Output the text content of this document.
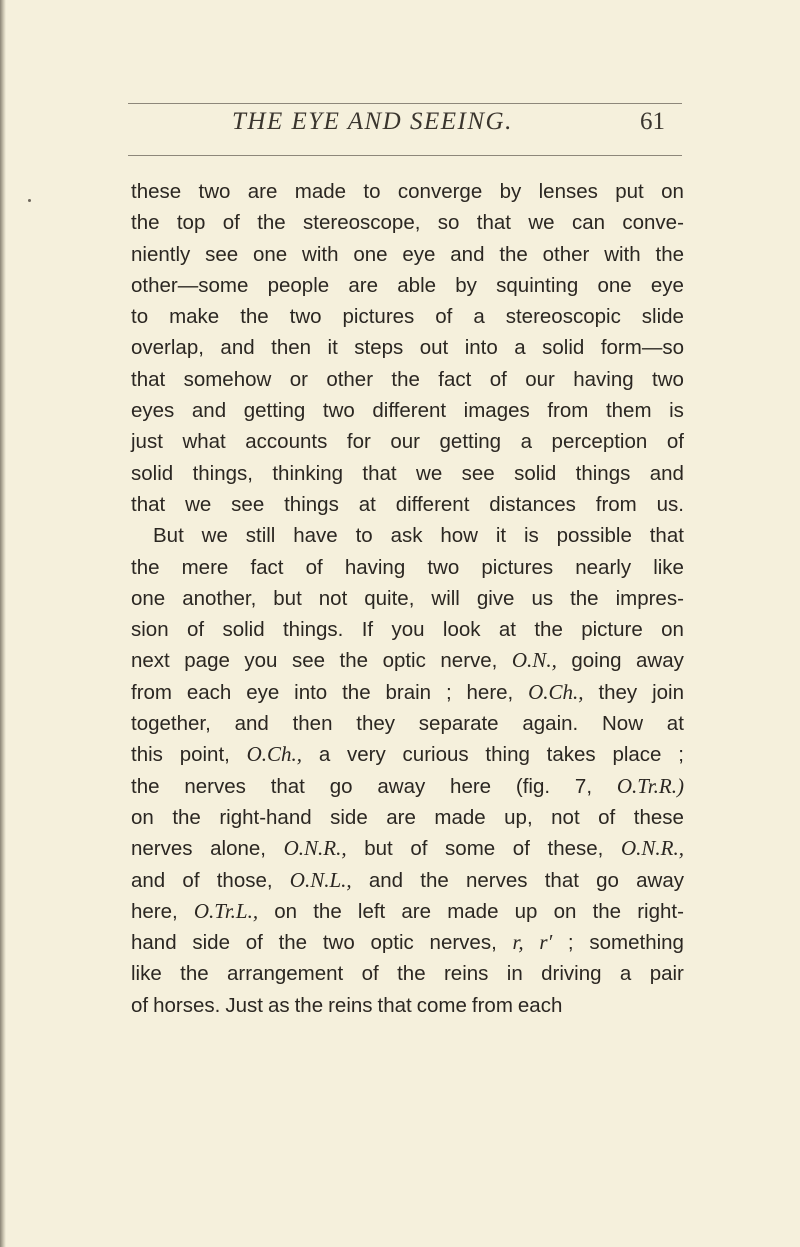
THE EYE AND SEEING.	61
these two are made to converge by lenses put on
the top of the stereoscope, so that we can conve-
niently see one with one eye and the other with the
other—some people are able by squinting one eye
to make the two pictures of a stereoscopic slide
overlap, and then it steps out into a solid form—so
that somehow or other the fact of our having two
eyes and getting two different images from them is
just what accounts for our getting a perception of
solid things, thinking that we see solid things and
that we see things at different distances from us.
But we still have to ask how it is possible that
the mere fact of having two pictures nearly like
one another, but not quite, will give us the impres-
sion of solid things. If you look at the picture on
next page you see the optic nerve, O.N., going away
from each eye into the brain ; here, O.Ch., they join
together, and then they separate again. Now at
this point, O.Ch., a very curious thing takes place ;
the nerves that go away here (fig. 7, O.Tr.R.)
on the right-hand side are made up, not of these
nerves alone, O.N.R., but of some of these, O.N.R.,
and of those, O.N.L., and the nerves that go away
here, O.Tr.L., on the left are made up on the right-
hand side of the two optic nerves, r, r′ ; something
like the arrangement of the reins in driving a pair
of horses. Just as the reins that come from each
